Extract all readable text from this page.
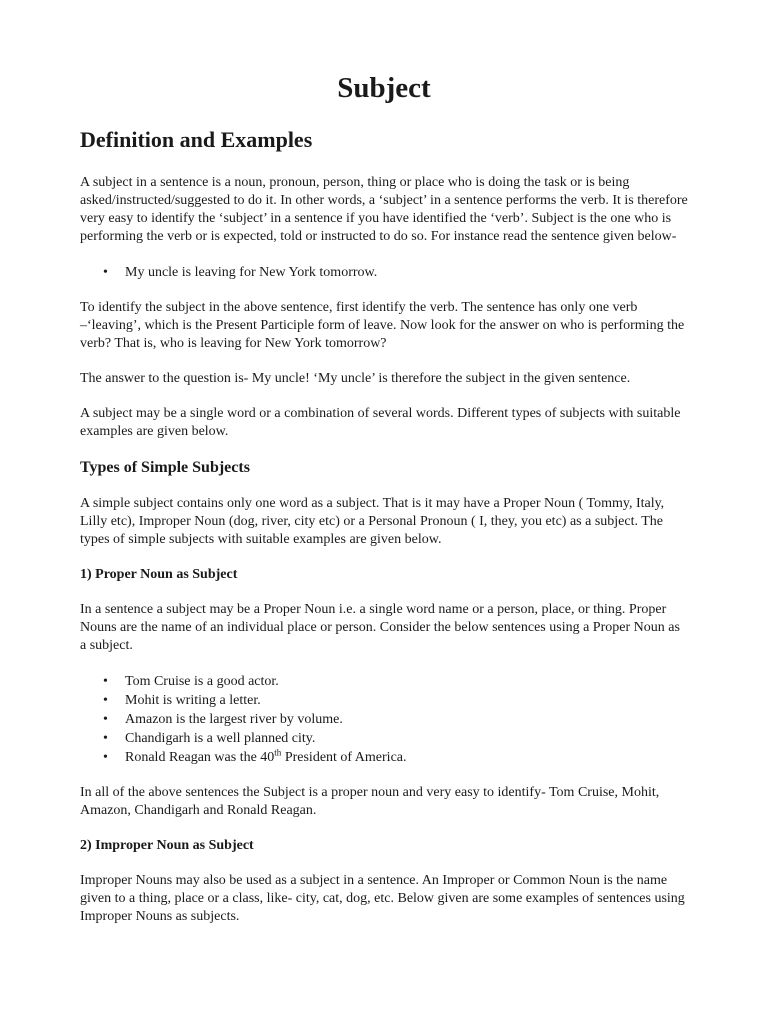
Subject
Definition and Examples

A subject in a sentence is a noun, pronoun, person, thing or place who is doing the task or is being asked/instructed/suggested to do it. In other words, a ‘subject’ in a sentence performs the verb. It is therefore very easy to identify the ‘subject’ in a sentence if you have identified the ‘verb’. Subject is the one who is performing the verb or is expected, told or instructed to do so. For instance read the sentence given below-

• My uncle is leaving for New York tomorrow.

To identify the subject in the above sentence, first identify the verb. The sentence has only one verb –‘leaving’, which is the Present Participle form of leave. Now look for the answer on who is performing the verb? That is, who is leaving for New York tomorrow?

The answer to the question is- My uncle! ‘My uncle’ is therefore the subject in the given sentence.

A subject may be a single word or a combination of several words. Different types of subjects with suitable examples are given below.

Types of Simple Subjects

A simple subject contains only one word as a subject. That is it may have a Proper Noun ( Tommy, Italy, Lilly etc), Improper Noun (dog, river, city etc) or a Personal Pronoun ( I, they, you etc) as a subject. The types of simple subjects with suitable examples are given below.

1) Proper Noun as Subject

In a sentence a subject may be a Proper Noun i.e. a single word name or a person, place, or thing. Proper Nouns are the name of an individual place or person. Consider the below sentences using a Proper Noun as a subject.

• Tom Cruise is a good actor.
• Mohit is writing a letter.
• Amazon is the largest river by volume.
• Chandigarh is a well planned city.
• Ronald Reagan was the 40th President of America.

In all of the above sentences the Subject is a proper noun and very easy to identify- Tom Cruise, Mohit, Amazon, Chandigarh and Ronald Reagan.

2) Improper Noun as Subject

Improper Nouns may also be used as a subject in a sentence. An Improper or Common Noun is the name given to a thing, place or a class, like- city, cat, dog, etc. Below given are some examples of sentences using Improper Nouns as subjects.
